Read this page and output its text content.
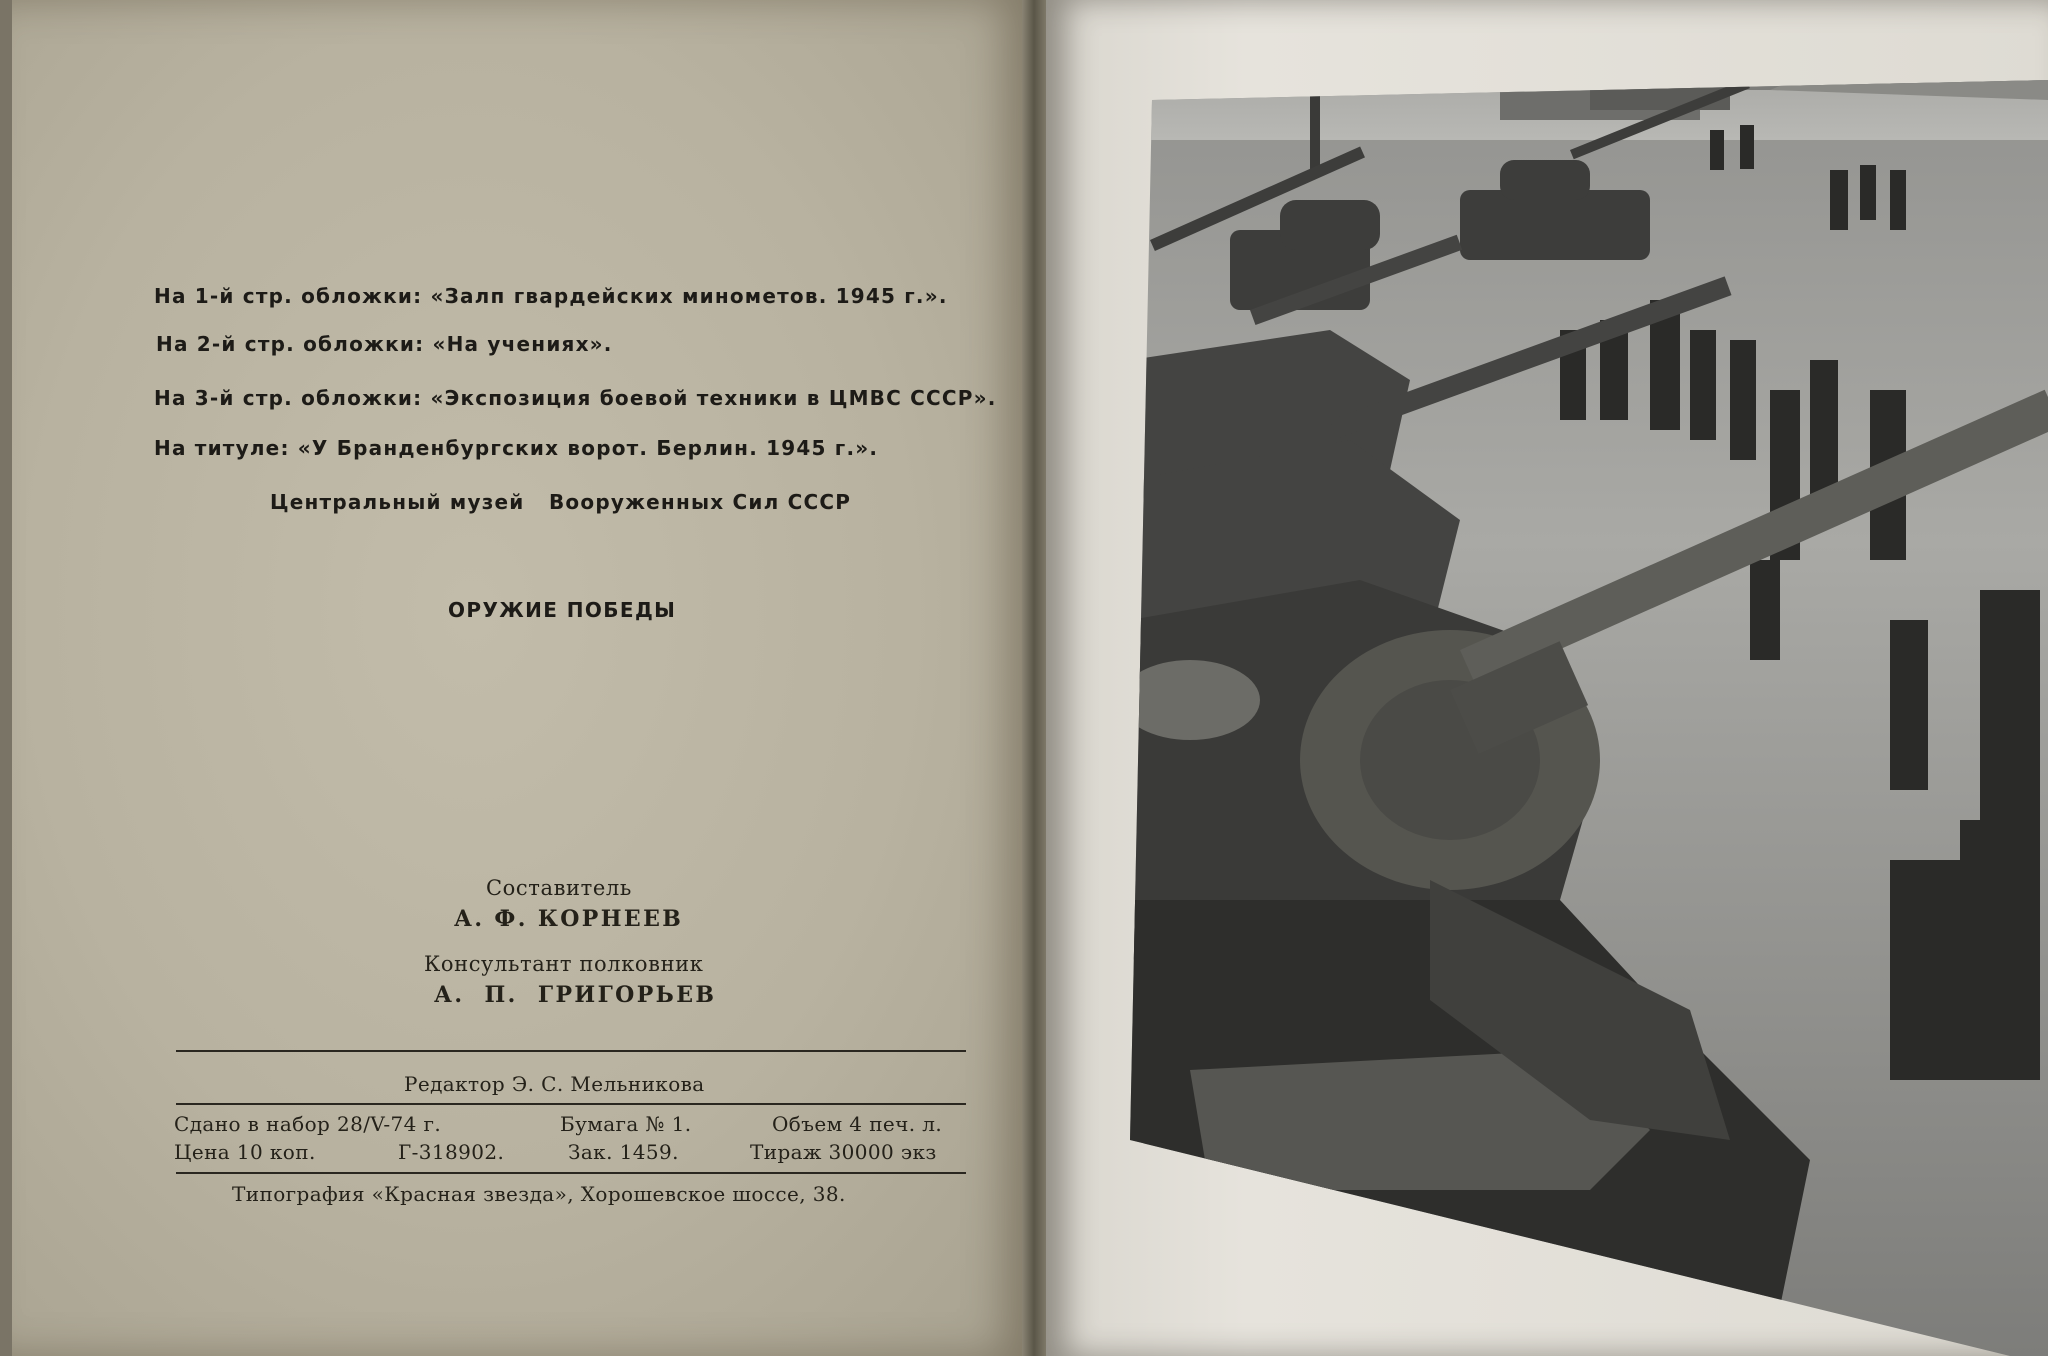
На 1-й стр. обложки: «Залп гвардейских минометов. 1945 г.».
На 2-й стр. обложки: «На учениях».
На 3-й стр. обложки: «Экспозиция боевой техники в ЦМВС СССР».
На титуле: «У Бранденбургских ворот. Берлин. 1945 г.».
Центральный музей   Вооруженных Сил СССР
ОРУЖИЕ ПОБЕДЫ
Составитель
А. Ф. КОРНЕЕВ
Консультант полковник
А.  П.  ГРИГОРЬЕВ
Редактор Э. С. Мельникова
Сдано в набор 28/V-74 г.	Бумага № 1.	Объем 4 печ. л.
Цена 10 коп.	Г-318902.	Зак. 1459.	Тираж 30000 экз
Типография «Красная звезда», Хорошевское шоссе, 38.
